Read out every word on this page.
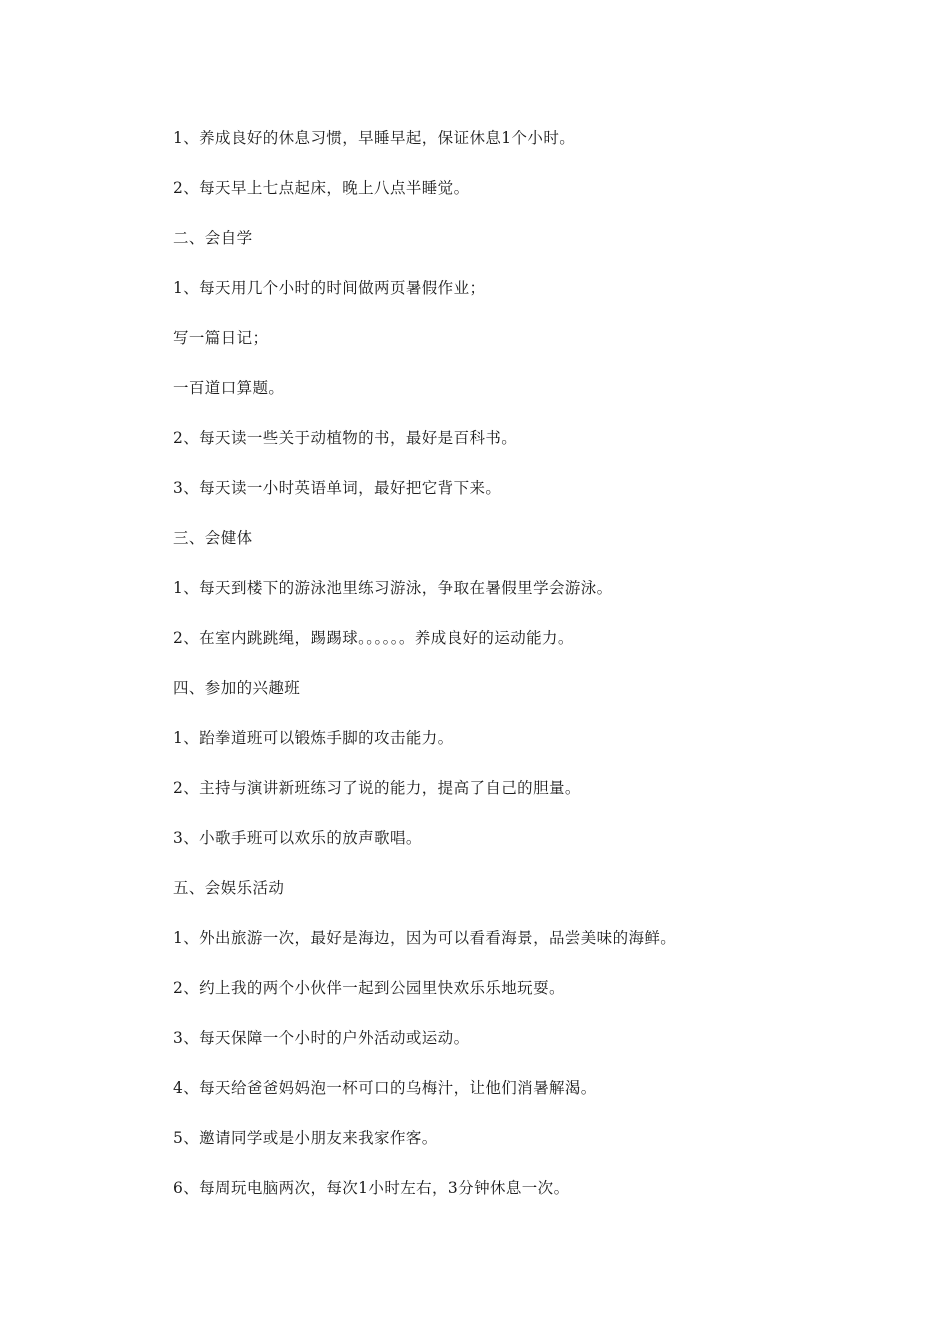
1、养成良好的休息习惯，早睡早起，保证休息1个小时。
2、每天早上七点起床，晚上八点半睡觉。
二、会自学
1、每天用几个小时的时间做两页暑假作业；
写一篇日记；
一百道口算题。
2、每天读一些关于动植物的书，最好是百科书。
3、每天读一小时英语单词，最好把它背下来。
三、会健体
1、每天到楼下的游泳池里练习游泳，争取在暑假里学会游泳。
2、在室内跳跳绳，踢踢球。。。。。。养成良好的运动能力。
四、参加的兴趣班
1、跆拳道班可以锻炼手脚的攻击能力。
2、主持与演讲新班练习了说的能力，提高了自己的胆量。
3、小歌手班可以欢乐的放声歌唱。
五、会娱乐活动
1、外出旅游一次，最好是海边，因为可以看看海景，品尝美味的海鲜。
2、约上我的两个小伙伴一起到公园里快欢乐乐地玩耍。
3、每天保障一个小时的户外活动或运动。
4、每天给爸爸妈妈泡一杯可口的乌梅汁，让他们消暑解渴。
5、邀请同学或是小朋友来我家作客。
6、每周玩电脑两次，每次1小时左右，3分钟休息一次。
